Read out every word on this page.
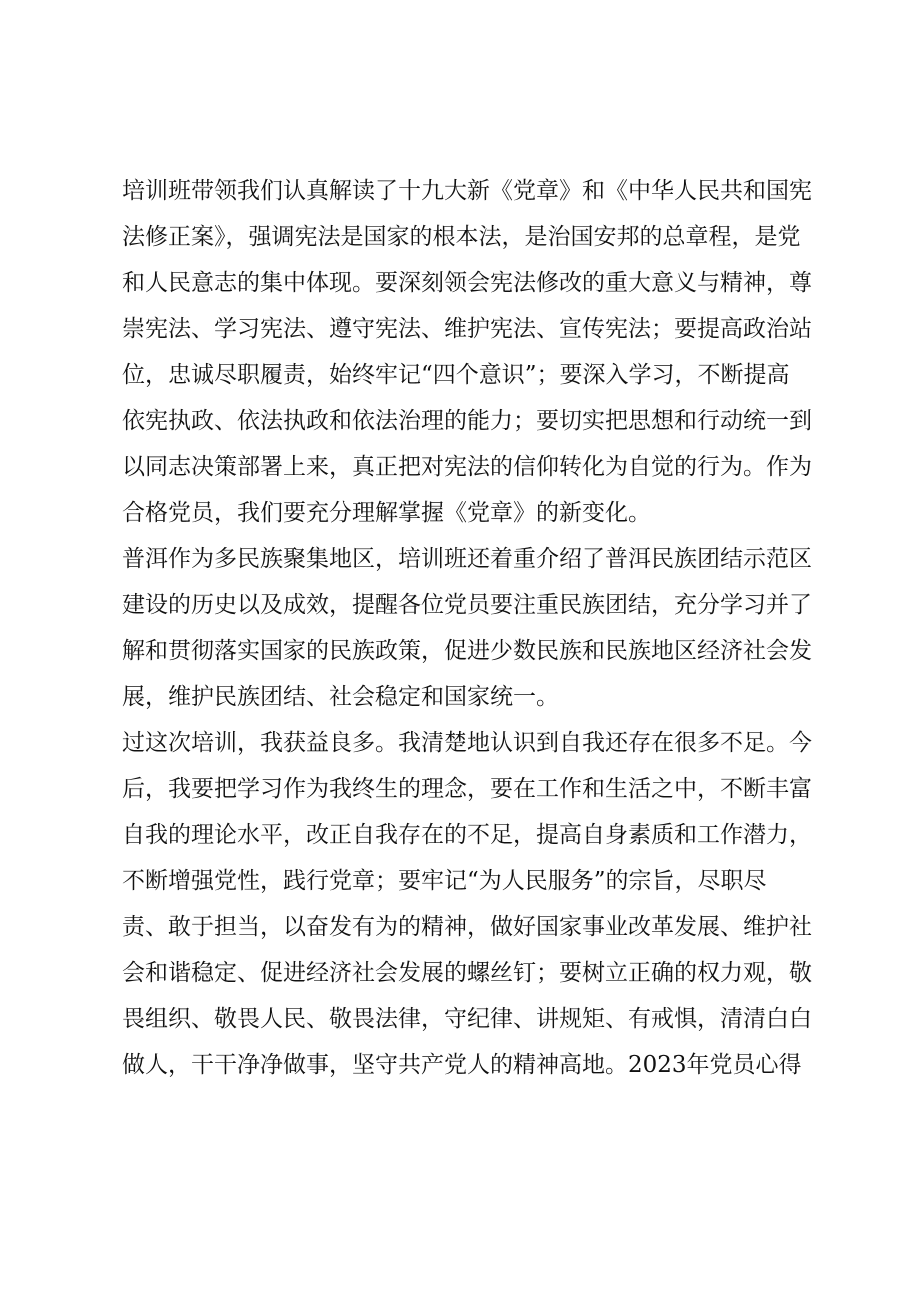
培训班带领我们认真解读了十九大新《党章》和《中华人民共和国宪
法修正案》，强调宪法是国家的根本法，是治国安邦的总章程，是党
和人民意志的集中体现。要深刻领会宪法修改的重大意义与精神，尊
崇宪法、学习宪法、遵守宪法、维护宪法、宣传宪法；要提高政治站
位，忠诚尽职履责，始终牢记“四个意识”；要深入学习，不断提高
依宪执政、依法执政和依法治理的能力；要切实把思想和行动统一到
以同志决策部署上来，真正把对宪法的信仰转化为自觉的行为。作为
合格党员，我们要充分理解掌握《党章》的新变化。
普洱作为多民族聚集地区，培训班还着重介绍了普洱民族团结示范区
建设的历史以及成效，提醒各位党员要注重民族团结，充分学习并了
解和贯彻落实国家的民族政策，促进少数民族和民族地区经济社会发
展，维护民族团结、社会稳定和国家统一。
过这次培训，我获益良多。我清楚地认识到自我还存在很多不足。今
后，我要把学习作为我终生的理念，要在工作和生活之中，不断丰富
自我的理论水平，改正自我存在的不足，提高自身素质和工作潜力，
不断增强党性，践行党章；要牢记“为人民服务”的宗旨，尽职尽
责、敢于担当，以奋发有为的精神，做好国家事业改革发展、维护社
会和谐稳定、促进经济社会发展的螺丝钉；要树立正确的权力观，敬
畏组织、敬畏人民、敬畏法律，守纪律、讲规矩、有戒惧，清清白白
做人，干干净净做事，坚守共产党人的精神高地。2023年党员心得
